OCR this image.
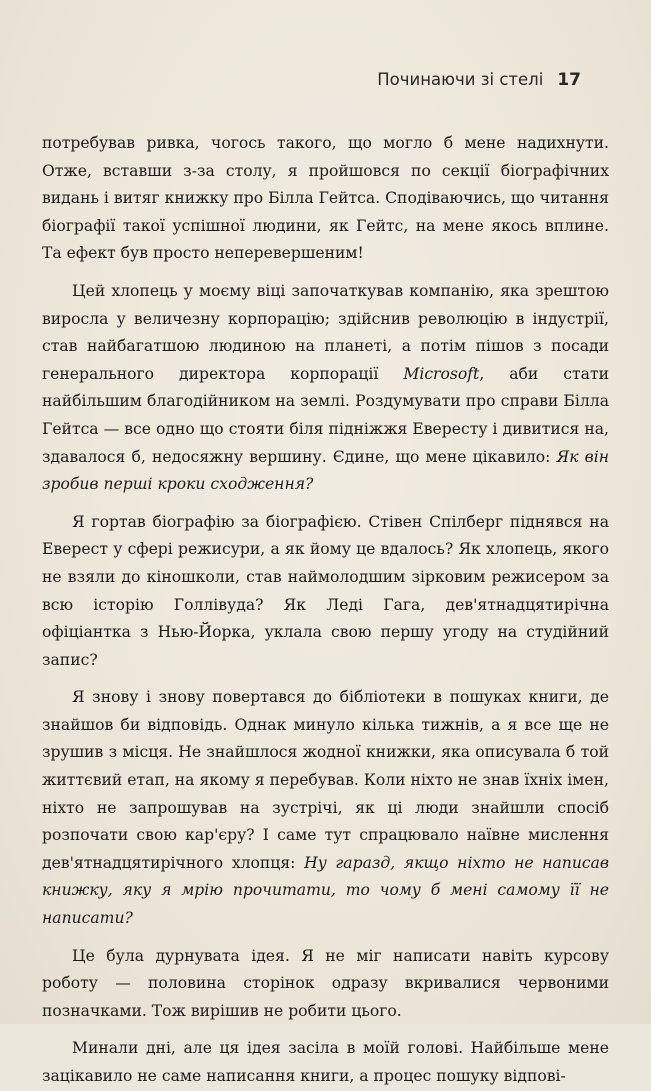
Починаючи зі стелі 17

потребував ривка, чогось такого, що могло б мене надихнути. Отже, вставши з-за столу, я пройшовся по секції біографічних видань і витяг книжку про Білла Гейтса. Сподіваючись, що читання біографії такої успішної людини, як Гейтс, на мене якось вплине. Та ефект був просто неперевершеним!

Цей хлопець у моєму віці започаткував компанію, яка зрештою виросла у величезну корпорацію; здійснив революцію в індустрії, став найбагатшою людиною на планеті, а потім пішов з посади генерального директора корпорації Microsoft, аби стати найбільшим благодійником на землі. Роздумувати про справи Білла Гейтса — все одно що стояти біля підніжжя Евересту і дивитися на, здавалося б, недосяжну вершину. Єдине, що мене цікавило: Як він зробив перші кроки сходження?

Я гортав біографію за біографією. Стівен Спілберг піднявся на Еверест у сфері режисури, а як йому це вдалось? Як хлопець, якого не взяли до кіношколи, став наймолодшим зірковим режисером за всю історію Голлівуда? Як Леді Гага, дев'ятнадцятирічна офіціантка з Нью-Йорка, уклала свою першу угоду на студійний запис?

Я знову і знову повертався до бібліотеки в пошуках книги, де знайшов би відповідь. Однак минуло кілька тижнів, а я все ще не зрушив з місця. Не знайшлося жодної книжки, яка описувала б той життєвий етап, на якому я перебував. Коли ніхто не знав їхніх імен, ніхто не запрошував на зустрічі, як ці люди знайшли спосіб розпочати свою кар'єру? І саме тут спрацювало наївне мислення дев'ятнадцятирічного хлопця: Ну гаразд, якщо ніхто не написав книжку, яку я мрію прочитати, то чому б мені самому її не написати?

Це була дурнувата ідея. Я не міг написати навіть курсову роботу — половина сторінок одразу вкривалися червоними позначками. Тож вирішив не робити цього.

Минали дні, але ця ідея засіла в моїй голові. Найбільше мене зацікавило не саме написання книги, а процес пошуку відпові-
